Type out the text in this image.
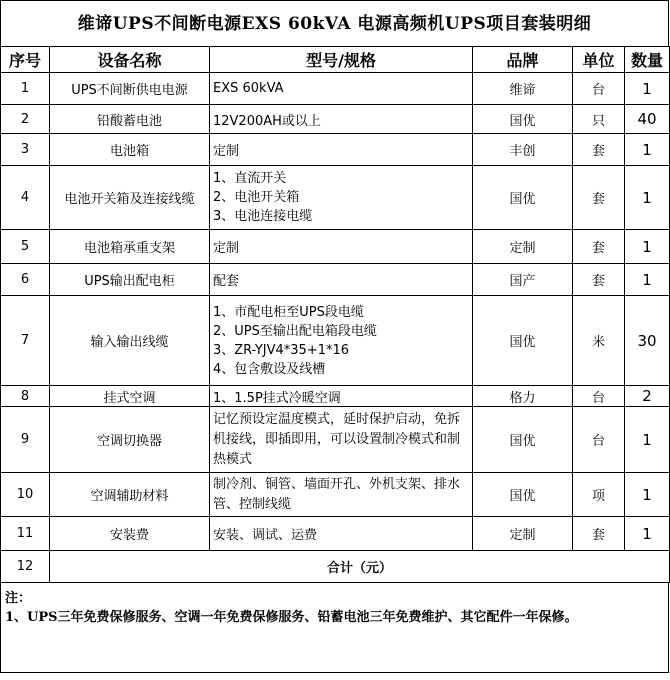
维谛UPS不间断电源EXS 60kVA 电源高频机UPS项目套装明细
序号	设备名称	型号/规格	品牌	单位	数量
1	UPS不间断供电电源	EXS 60kVA	维谛	台	1
2	铅酸蓄电池	12V200AH或以上	国优	只	40
3	电池箱	定制	丰创	套	1
4	电池开关箱及连接线缆	1、直流开关
2、电池开关箱
3、电池连接电缆	国优	套	1
5	电池箱承重支架	定制	定制	套	1
6	UPS输出配电柜	配套	国产	套	1
7	输入输出线缆	1、市配电柜至UPS段电缆
2、UPS至输出配电箱段电缆
3、ZR-YJV4*35+1*16
4、包含敷设及线槽	国优	米	30
8	挂式空调	1、1.5P挂式冷暖空调	格力	台	2
9	空调切换器	记忆预设定温度模式，延时保护启动，免拆机接线，即插即用，可以设置制冷模式和制热模式	国优	台	1
10	空调辅助材料	制冷剂、铜管、墙面开孔、外机支架、排水管、控制线缆	国优	项	1
11	安装费	安装、调试、运费	定制	套	1
12	合计（元）				
注：
1、UPS三年免费保修服务、空调一年免费保修服务、铅蓄电池三年免费维护、其它配件一年保修。
